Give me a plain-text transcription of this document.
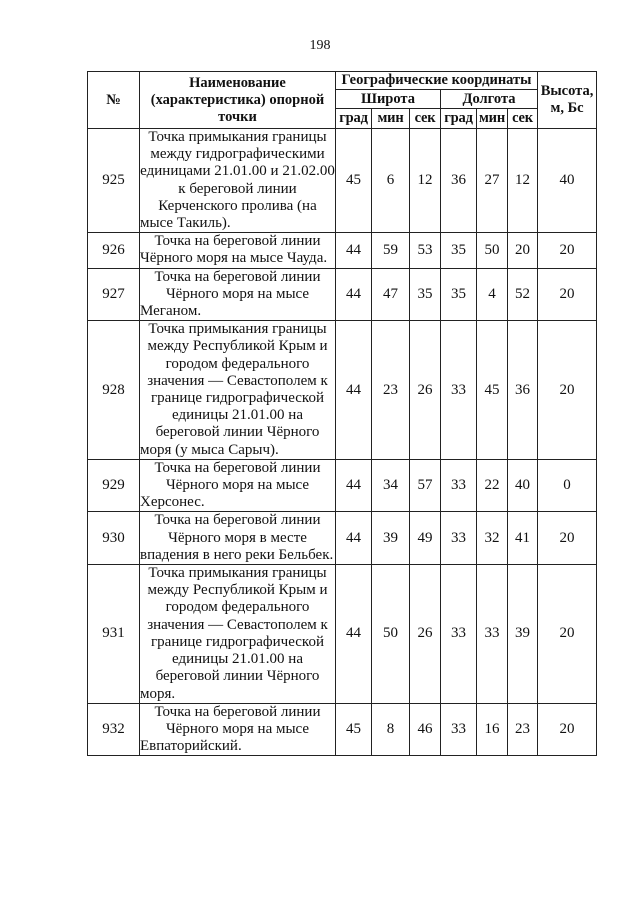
198
№	Наименование (характеристика) опорной точки	Географические координаты						Высота, м, Бс
		Широта			Долгота			
		град	мин	сек	град	мин	сек	
925	Точка примыкания границы между гидрографическими единицами 21.01.00 и 21.02.00 к береговой линии Керченского пролива (на мысе Такиль).	45	6	12	36	27	12	40
926	Точка на береговой линии Чёрного моря на мысе Чауда.	44	59	53	35	50	20	20
927	Точка на береговой линии Чёрного моря на мысе Меганом.	44	47	35	35	4	52	20
928	Точка примыкания границы между Республикой Крым и городом федерального значения — Севастополем к границе гидрографической единицы 21.01.00 на береговой линии Чёрного моря (у мыса Сарыч).	44	23	26	33	45	36	20
929	Точка на береговой линии Чёрного моря на мысе Херсонес.	44	34	57	33	22	40	0
930	Точка на береговой линии Чёрного моря в месте впадения в него реки Бельбек.	44	39	49	33	32	41	20
931	Точка примыкания границы между Республикой Крым и городом федерального значения — Севастополем к границе гидрографической единицы 21.01.00 на береговой линии Чёрного моря.	44	50	26	33	33	39	20
932	Точка на береговой линии Чёрного моря на мысе Евпаторийский.	45	8	46	33	16	23	20
